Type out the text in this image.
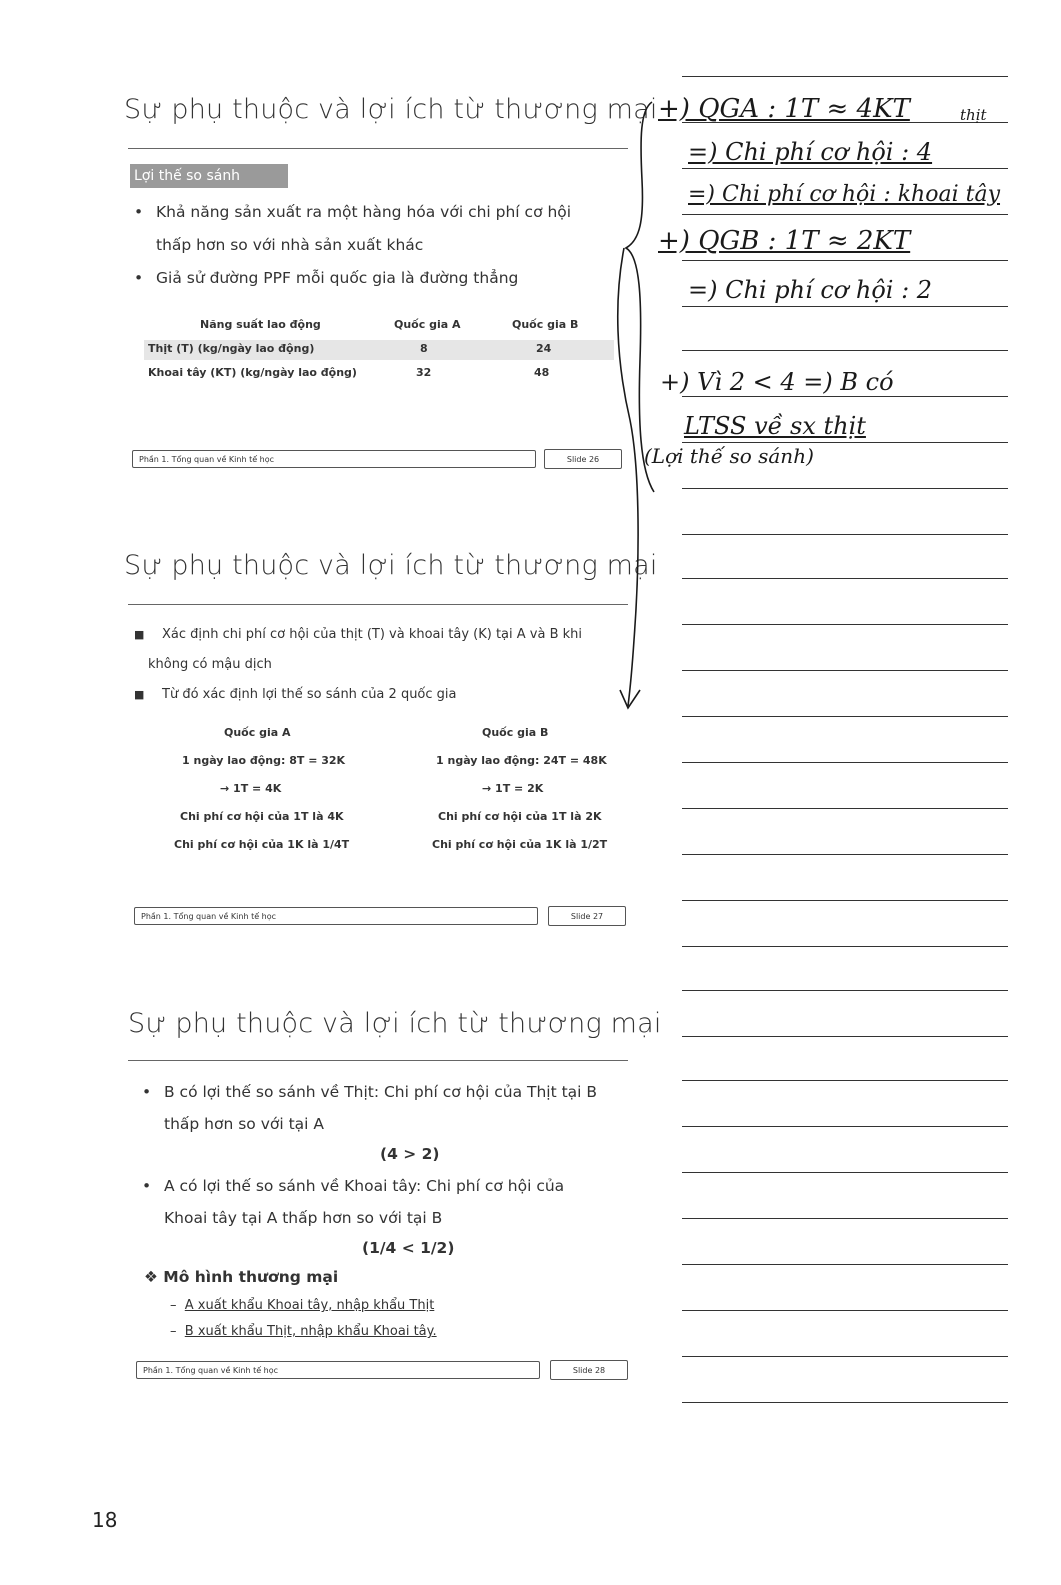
Sự phụ thuộc và lợi ích từ thương mại
Lợi thế so sánh
• Khả năng sản xuất ra một hàng hóa với chi phí cơ hội
thấp hơn so với nhà sản xuất khác
• Giả sử đường PPF mỗi quốc gia là đường thẳng
Năng suất lao động	Quốc gia A	Quốc gia B
Thịt (T) (kg/ngày lao động)	8	24
Khoai tây (KT) (kg/ngày lao động)	32	48
Phần 1. Tổng quan về Kinh tế học	Slide 26
Sự phụ thuộc và lợi ích từ thương mại
■ Xác định chi phí cơ hội của thịt (T) và khoai tây (K) tại A và B khi
không có mậu dịch
■ Từ đó xác định lợi thế so sánh của 2 quốc gia
Quốc gia A
1 ngày lao động: 8T = 32K
→ 1T = 4K
Chi phí cơ hội của 1T là 4K
Chi phí cơ hội của 1K là 1/4T
Quốc gia B
1 ngày lao động: 24T = 48K
→ 1T = 2K
Chi phí cơ hội của 1T là 2K
Chi phí cơ hội của 1K là 1/2T
Phần 1. Tổng quan về Kinh tế học	Slide 27
Sự phụ thuộc và lợi ích từ thương mại
• B có lợi thế so sánh về Thịt: Chi phí cơ hội của Thịt tại B
thấp hơn so với tại A
(4 > 2)
• A có lợi thế so sánh về Khoai tây: Chi phí cơ hội của
Khoai tây tại A thấp hơn so với tại B
(1/4 < 1/2)
❖ Mô hình thương mại
–  A xuất khẩu Khoai tây, nhập khẩu Thịt
–  B xuất khẩu Thịt, nhập khẩu Khoai tây.
Phần 1. Tổng quan về Kinh tế học	Slide 28
+) QGA : 1T ≈ 4KT	thịt
=) Chi phí cơ hội : 4
=) Chi phí cơ hội : khoai tây
+) QGB : 1T ≈ 2KT
=) Chi phí cơ hội : 2
+) Vì 2 < 4 =) B có
LTSS về sx thịt
(Lợi thế so sánh)
18
